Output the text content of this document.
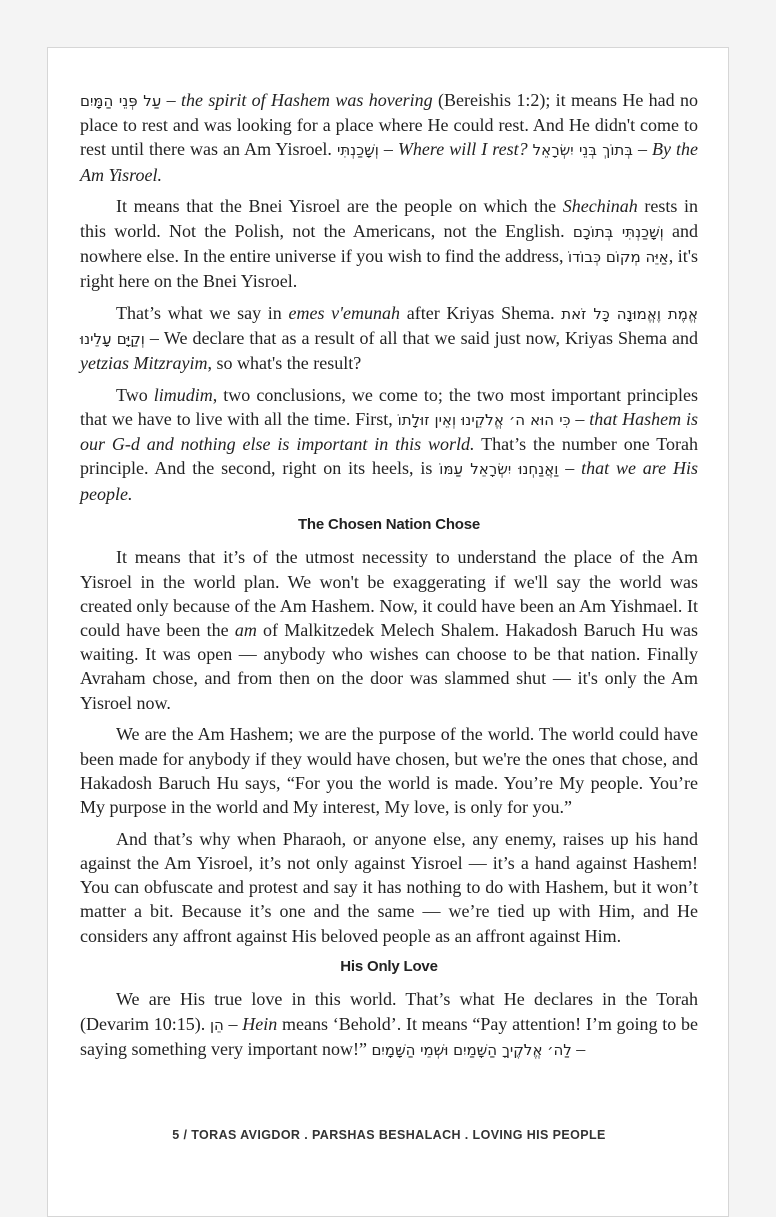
עַל פְּנֵי הַמָּיִם – the spirit of Hashem was hovering (Bereishis 1:2); it means He had no place to rest and was looking for a place where He could rest. And He didn't come to rest until there was an Am Yisroel. וְשָׁכַנְתִּי – Where will I rest? בְּתוֹךְ בְּנֵי יִשְׂרָאֵל – By the Am Yisroel.

It means that the Bnei Yisroel are the people on which the Shechinah rests in this world. Not the Polish, not the Americans, not the English. וְשָׁכַנְתִּי בְּתוֹכָם and nowhere else. In the entire universe if you wish to find the address, אַיֵּה מְקוֹם כְּבוֹדוֹ, it's right here on the Bnei Yisroel.

That’s what we say in emes v'emunah after Kriyas Shema. אֱמֶת וֶאֱמוּנָה כָּל זֹאת וְקַיָּם עָלֵינוּ – We declare that as a result of all that we said just now, Kriyas Shema and yetzias Mitzrayim, so what's the result?

Two limudim, two conclusions, we come to; the two most important principles that we have to live with all the time. First, כִּי הוּא ה׳ אֱלֹקֵינוּ וְאֵין זוּלָתוֹ – that Hashem is our G-d and nothing else is important in this world. That’s the number one Torah principle. And the second, right on its heels, is וַאֲנַחְנוּ יִשְׂרָאֵל עַמּוֹ – that we are His people.

The Chosen Nation Chose

It means that it’s of the utmost necessity to understand the place of the Am Yisroel in the world plan. We won't be exaggerating if we'll say the world was created only because of the Am Hashem. Now, it could have been an Am Yishmael. It could have been the am of Malkitzedek Melech Shalem. Hakadosh Baruch Hu was waiting. It was open — anybody who wishes can choose to be that nation. Finally Avraham chose, and from then on the door was slammed shut — it's only the Am Yisroel now.

We are the Am Hashem; we are the purpose of the world. The world could have been made for anybody if they would have chosen, but we're the ones that chose, and Hakadosh Baruch Hu says, “For you the world is made. You’re My people. You’re My purpose in the world and My interest, My love, is only for you.”

And that’s why when Pharaoh, or anyone else, any enemy, raises up his hand against the Am Yisroel, it’s not only against Yisroel — it’s a hand against Hashem! You can obfuscate and protest and say it has nothing to do with Hashem, but it won’t matter a bit. Because it’s one and the same — we’re tied up with Him, and He considers any affront against His beloved people as an affront against Him.

His Only Love

We are His true love in this world. That’s what He declares in the Torah (Devarim 10:15). הֵן – Hein means ‘Behold’. It means “Pay attention! I’m going to be saying something very important now!” לַה׳ אֱלֹקֶיךָ הַשָּׁמַיִם וּשְׁמֵי הַשָּׁמָיִם –

5 / TORAS AVIGDOR . PARSHAS BESHALACH . LOVING HIS PEOPLE
